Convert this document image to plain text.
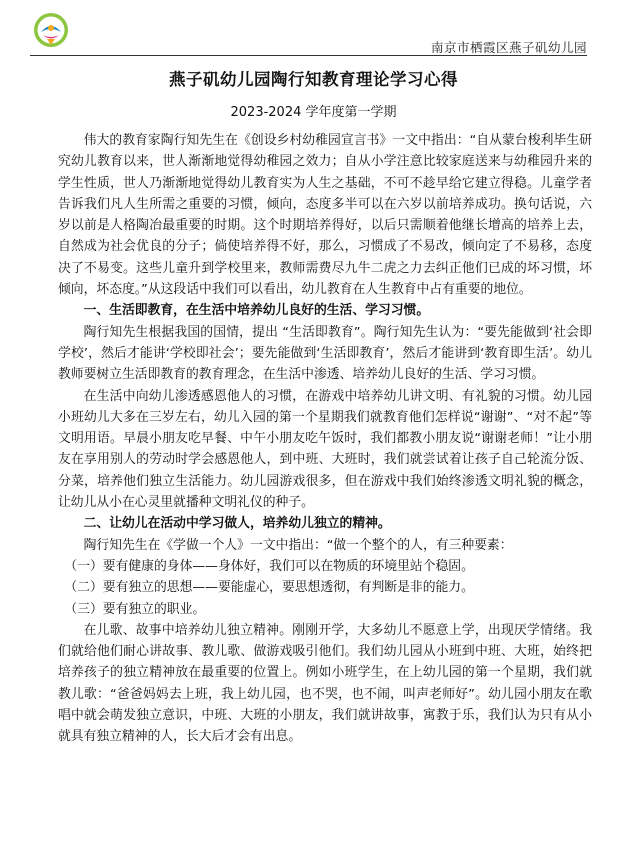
南京市栖霞区燕子矶幼儿园
燕子矶幼儿园陶行知教育理论学习心得
2023-2024 学年度第一学期

伟大的教育家陶行知先生在《创设乡村幼稚园宣言书》一文中指出：“自从蒙台梭利毕生研究幼儿教育以来，世人渐渐地觉得幼稚园之效力；自从小学注意比较家庭送来与幼稚园升来的学生性质，世人乃渐渐地觉得幼儿教育实为人生之基础，不可不趁早给它建立得稳。儿童学者告诉我们凡人生所需之重要的习惯，倾向，态度多半可以在六岁以前培养成功。换句话说，六岁以前是人格陶冶最重要的时期。这个时期培养得好，以后只需顺着他继长增高的培养上去，自然成为社会优良的分子；倘使培养得不好，那么，习惯成了不易改，倾向定了不易移，态度决了不易变。这些儿童升到学校里来，教师需费尽九牛二虎之力去纠正他们已成的坏习惯，坏倾向，坏态度。”从这段话中我们可以看出，幼儿教育在人生教育中占有重要的地位。

一、生活即教育，在生活中培养幼儿良好的生活、学习习惯。

陶行知先生根据我国的国情，提出 “生活即教育”。陶行知先生认为：“要先能做到‘社会即学校’，然后才能讲‘学校即社会’；要先能做到‘生活即教育’，然后才能讲到‘教育即生活’。幼儿教师要树立生活即教育的教育理念，在生活中渗透、培养幼儿良好的生活、学习习惯。

在生活中向幼儿渗透感恩他人的习惯，在游戏中培养幼儿讲文明、有礼貌的习惯。幼儿园小班幼儿大多在三岁左右，幼儿入园的第一个星期我们就教育他们怎样说“谢谢”、“对不起”等文明用语。早晨小朋友吃早餐、中午小朋友吃午饭时，我们都教小朋友说“谢谢老师！”让小朋友在享用别人的劳动时学会感恩他人，到中班、大班时，我们就尝试着让孩子自己轮流分饭、分菜，培养他们独立生活能力。幼儿园游戏很多，但在游戏中我们始终渗透文明礼貌的概念，让幼儿从小在心灵里就播种文明礼仪的种子。

二、让幼儿在活动中学习做人，培养幼儿独立的精神。

陶行知先生在《学做一个人》一文中指出：“做一个整个的人，有三种要素：

（一）要有健康的身体——身体好，我们可以在物质的环境里站个稳固。

（二）要有独立的思想——要能虚心，要思想透彻，有判断是非的能力。

（三）要有独立的职业。

在儿歌、故事中培养幼儿独立精神。刚刚开学，大多幼儿不愿意上学，出现厌学情绪。我们就给他们耐心讲故事、教儿歌、做游戏吸引他们。我们幼儿园从小班到中班、大班，始终把培养孩子的独立精神放在最重要的位置上。例如小班学生，在上幼儿园的第一个星期，我们就教儿歌：“爸爸妈妈去上班，我上幼儿园，也不哭，也不闹，叫声老师好”。幼儿园小朋友在歌唱中就会萌发独立意识，中班、大班的小朋友，我们就讲故事，寓教于乐，我们认为只有从小就具有独立精神的人，长大后才会有出息。
